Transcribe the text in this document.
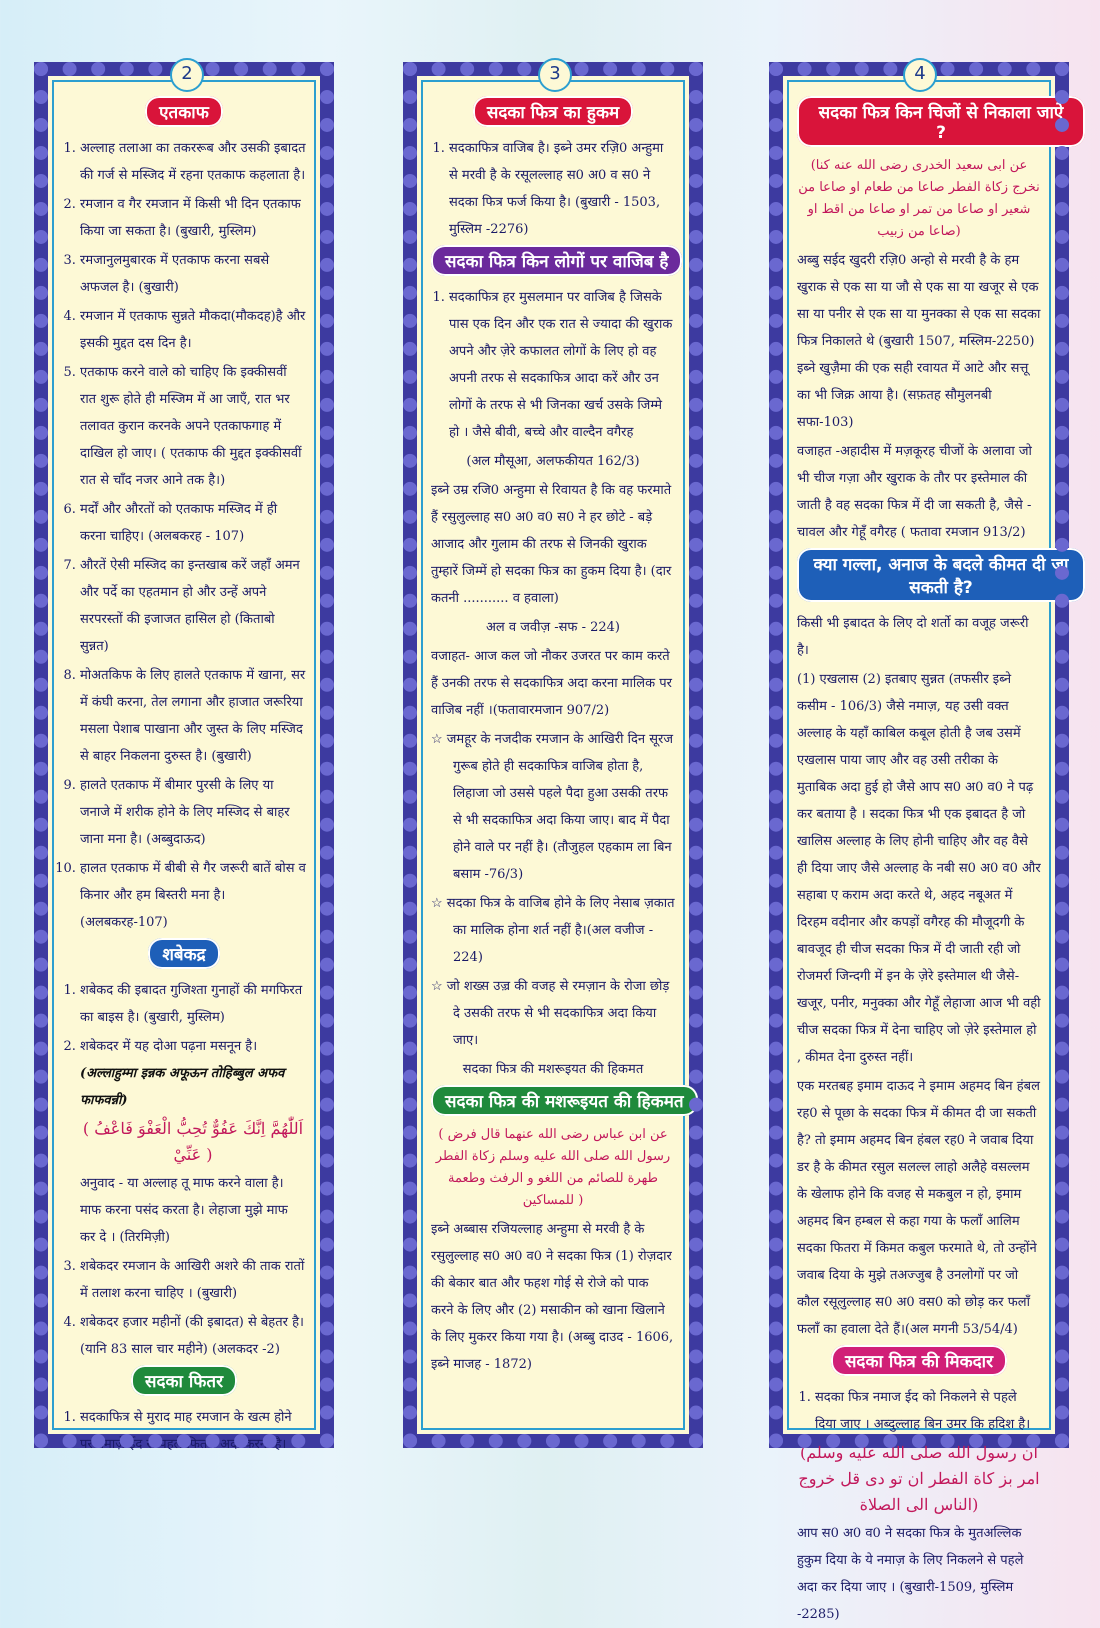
एतकाफ
1. अल्लाह तलाआ का तकररूब और उसकी इबादत की गर्ज से मस्जिद में रहना एतकाफ कहलाता है।
2. रमजान व गैर रमजान में किसी भी दिन एतकाफ किया जा सकता है। (बुखारी, मुस्लिम)
3. रमजानुलमुबारक में एतकाफ करना सबसे अफजल है। (बुखारी)
4. रमजान में एतकाफ सुन्नते मौकदा(मौकदह)है और इसकी मुद्दत दस दिन है।
5. एतकाफ करने वाले को चाहिए कि इक्कीसवीं रात शुरू होते ही मस्जिम में आ जाएँ, रात भर तलावत कुरान करनके अपने एतकाफगाह में दाखिल हो जाए। ( एतकाफ की मुद्दत इक्कीसवीं रात से चाँद नजर आने तक है।)
6. मर्दों और औरतों को एतकाफ मस्जिद में ही करना चाहिए। (अलबकरह - 107)
7. औरतें ऐसी मस्जिद का इन्तखाब करें जहाँ अमन और पर्दे का एहतमान हो और उन्हें अपने सरपरस्तों की इजाजत हासिल हो (किताबो सुन्नत)
8. मोअतकिफ के लिए हालते एतकाफ में खाना, सर में कंघी करना, तेल लगाना और हाजात जरूरिया मसला पेशाब पाखाना और जुस्त के लिए मस्जिद से बाहर निकलना दुरुस्त है। (बुखारी)
9. हालते एतकाफ में बीमार पुरसी के लिए या जनाजे में शरीक होने के लिए मस्जिद से बाहर जाना मना है। (अब्बुदाऊद)
10. हालत एतकाफ में बीबी से गैर जरूरी बातें बोस व किनार और हम बिस्तरी मना है। (अलबकरह-107)
शबेकद्र
1. शबेकद की इबादत गुजिश्ता गुनाहों की मगफिरत का बाइस है। (बुखारी, मुस्लिम)
2. शबेकदर में यह दोआ पढ़ना मसनून है।
(अल्लाहुम्मा इन्नक अफूऊन तोहिब्बुल अफव फाफवन्नी)
( اَللّٰهُمَّ اِنَّكَ عَفُوٌّ تُحِبُّ الْعَفْوَ فَاعْفُ عَنِّيْ )
अनुवाद - या अल्लाह तू माफ करने वाला है। माफ करना पसंद करता है। लेहाजा मुझे माफ कर दे । (तिरमिज़ी)
3. शबेकदर रमजान के आखिरी अशरे की ताक रातों में तलाश करना चाहिए । (बुखारी)
4. शबेकदर हजार महीनों (की इबादत) से बेहतर है। (यानि 83 साल चार महीने) (अलकदर -2)
सदका फितर
1. सदकाफित्र से मुराद माह रमजान के खत्म होने पर नमाज़े ईद से पहले फितरा अदा करना है।
2
सदका फित्र का हुकम
1. सदकाफित्र वाजिब है। इब्ने उमर रज़ि0 अन्हुमा से मरवी है के रसूलल्लाह स0 अ0 व स0 ने सदका फित्र फर्ज किया है। (बुखारी - 1503, मुस्लिम -2276)
सदका फित्र किन लोगों पर वाजिब है
1. सदकाफित्र हर मुसलमान पर वाजिब है जिसके पास एक दिन और एक रात से ज्यादा की खुराक अपने और ज़ेरे कफालत लोगों के लिए हो वह अपनी तरफ से सदकाफित्र आदा करें और उन लोगों के तरफ से भी जिनका खर्च उसके जिम्मे हो । जैसे बीवी, बच्चे और वाल्दैन वगैरह

(अल मौसूआ, अलफकीयत 162/3)

इब्ने उम्र रजि0 अन्हुमा से रिवायत है कि वह फरमाते हैं रसुलुल्लाह स0 अ0 व0 स0 ने हर छोटे - बड़े आजाद और गुलाम की तरफ से जिनकी खुराक तुम्हारें जिम्में हो सदका फित्र का हुकम दिया है। (दार कतनी ........... व हवाला)

अल व जवीज़ -सफ - 224)

वजाहत- आज कल जो नौकर उजरत पर काम करते हैं उनकी तरफ से सदकाफित्र अदा करना मालिक पर वाजिब नहीं ।(फतावारमजान 907/2)

☆ जमहूर के नजदीक रमजान के आखिरी दिन सूरज गुरूब होते ही सदकाफित्र वाजिब होता है, लिहाजा जो उससे पहले पैदा हुआ उसकी तरफ से भी सदकाफित्र अदा किया जाए। बाद में पैदा होने वाले पर नहीं है। (तौजुहल एहकाम ला बिन बसाम -76/3)

☆ सदका फित्र के वाजिब होने के लिए नेसाब ज़कात का मालिक होना शर्त नहीं है।(अल वजीज - 224)

☆ जो शख्स उज़्र की वजह से रमज़ान के रोजा छोड़ दे उसकी तरफ से भी सदकाफित्र अदा किया जाए।

सदका फित्र की मशरूइयत की हिकमत

सदका फित्र की मशरूइयत की हिकमत
( عن ابن عباس رضی الله عنهما قال فرض رسول الله صلی الله علیه وسلم زکاة الفطر طهرة للصائم من اللغو و الرفث وطعمة للمساكين )

इब्ने अब्बास रजियल्लाह अन्हुमा से मरवी है के रसुलुल्लाह स0 अ0 व0 ने सदका फित्र (1) रोज़दार की बेकार बात और फहश गोई से रोजे को पाक करने के लिए और (2) मसाकीन को खाना खिलाने के लिए मुकरर किया गया है। (अब्बु दाउद - 1606, इब्ने माजह - 1872)

3
सदका फित्र किन चिजों से निकाला जाऐ ?
(عن ابی سعید الخدری رضی الله عنه كنا نخرج زكاة الفطر صاعا من طعام او صاعا من شعير او صاعا من تمر او صاعا من اقط او صاعا من زبيب)

अब्बु सईद खुदरी रज़ि0 अन्हो से मरवी है के हम खुराक से एक सा या जौ से एक सा या खजूर से एक सा या पनीर से एक सा या मुनक्का से एक सा सदका फित्र निकालते थे (बुखारी 1507, मस्लिम-2250) इब्ने खुज़ैमा की एक सही रवायत में आटे और सत्तू का भी जिक्र आया है। (सफ़तह सौमुलनबी सफा-103)

वजाहत -अहादीस में मज़कूरह चीजों के अलावा जो भी चीज गज़ा और खुराक के तौर पर इस्तेमाल की जाती है वह सदका फित्र में दी जा सकती है, जैसे - चावल और गेहूँ वगैरह ( फतावा रमजान 913/2)

क्या गल्ला, अनाज के बदले कीमत दी जा सकती है?

किसी भी इबादत के लिए दो शर्तो का वजूह जरूरी है।

(1) एखलास (2) इतबाए सुन्नत (तफसीर इब्ने कसीम - 106/3) जैसे नमाज़, यह उसी वक्त अल्लाह के यहाँ काबिल कबूल होती है जब उसमें एखलास पाया जाए और वह उसी तरीका के मुताबिक अदा हुई हो जैसे आप स0 अ0 व0 ने पढ़ कर बताया है । सदका फित्र भी एक इबादत है जो खालिस अल्लाह के लिए होनी चाहिए और वह वैसे ही दिया जाए जैसे अल्लाह के नबी स0 अ0 व0 और सहाबा ए कराम अदा करते थे, अहद नबूअत में दिरहम वदीनार और कपड़ों वगैरह की मौजूदगी के बावजूद ही चीज सदका फित्र में दी जाती रही जो रोजमर्रा जिन्दगी में इन के ज़ेरे इस्तेमाल थी जैसे- खजूर, पनीर, मनुक्का और गेहूँ लेहाजा आज भी वही चीज सदका फित्र में देना चाहिए जो ज़ेरे इस्तेमाल हो , कीमत देना दुरुस्त नहीं।

एक मरतबह इमाम दाऊद ने इमाम अहमद बिन हंबल रह0 से पूछा के सदका फित्र में कीमत दी जा सकती है? तो इमाम अहमद बिन हंबल रह0 ने जवाब दिया डर है के कीमत रसुल सलल्ल लाहो अलैहे वसल्लम के खेलाफ होने कि वजह से मकबुल न हो, इमाम अहमद बिन हम्बल से कहा गया के फलाँ आलिम सदका फितरा में किमत कबुल फरमाते थे, तो उन्होंने जवाब दिया के मुझे तअज्जुब है उनलोगों पर जो कौल रसूलुल्लाह स0 अ0 वस0 को छोड़ कर फलाँ फलाँ का हवाला देते हैं।(अल मगनी 53/54/4)

सदका फित्र की मिकदार
1. सदका फित्र नमाज ईद को निकलने से पहले दिया जाए । अब्दुल्लाह बिन उमर कि हदिश है।
(ان رسول الله صلی الله علیه وسلم امر بز كاة الفطر ان تو دى قل خروج الناس الى الصلاة)

आप स0 अ0 व0 ने सदका फित्र के मुतअल्लिक हुकुम दिया के ये नमाज़ के लिए निकलने से पहले अदा कर दिया जाए । (बुखारी-1509, मुस्लिम -2285)

4
